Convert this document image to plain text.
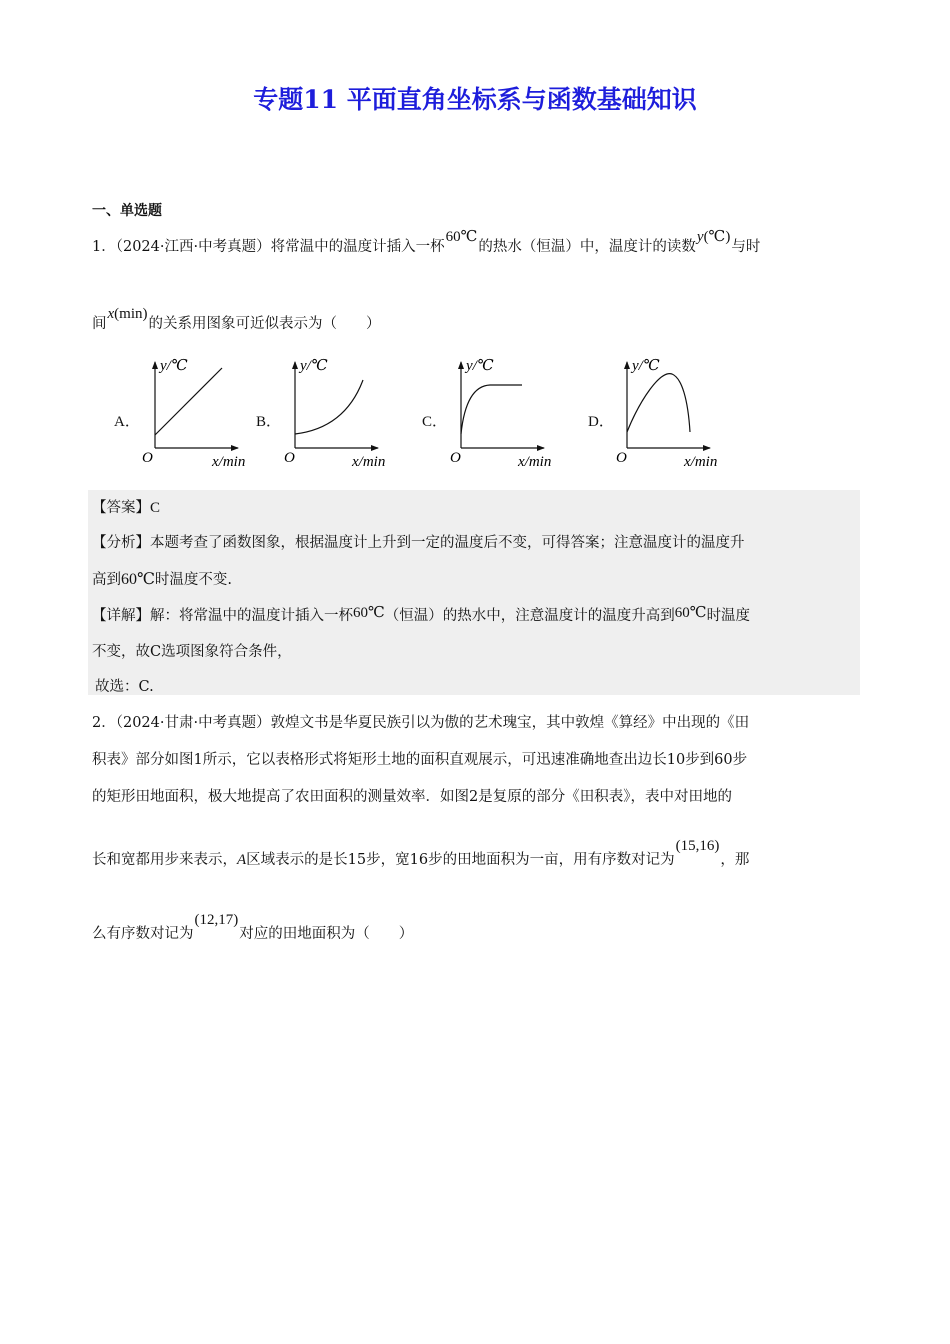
专题11 平面直角坐标系与函数基础知识
一、单选题
1．（2024·江西·中考真题）将常温中的温度计插入一杯60℃的热水（恒温）中，温度计的读数y(℃)与时
间x(min)的关系用图象可近似表示为（　　）
A．	B．	C．	D．
y/℃
x/min
O
y/℃
x/min
O
y/℃
x/min
O
y/℃
x/min
O
【答案】C
【分析】本题考查了函数图象，根据温度计上升到一定的温度后不变，可得答案；注意温度计的温度升
高到60℃时温度不变.
【详解】解：将常温中的温度计插入一杯60℃（恒温）的热水中，注意温度计的温度升高到60℃时温度
不变，故C选项图象符合条件，
故选：C.
2．（2024·甘肃·中考真题）敦煌文书是华夏民族引以为傲的艺术瑰宝，其中敦煌《算经》中出现的《田
积表》部分如图1所示，它以表格形式将矩形土地的面积直观展示，可迅速准确地查出边长10步到60步
的矩形田地面积，极大地提高了农田面积的测量效率．如图2是复原的部分《田积表》，表中对田地的
长和宽都用步来表示，A区域表示的是长15步，宽16步的田地面积为一亩，用有序数对记为(15,16)，那
么有序数对记为(12,17)对应的田地面积为（　　）
